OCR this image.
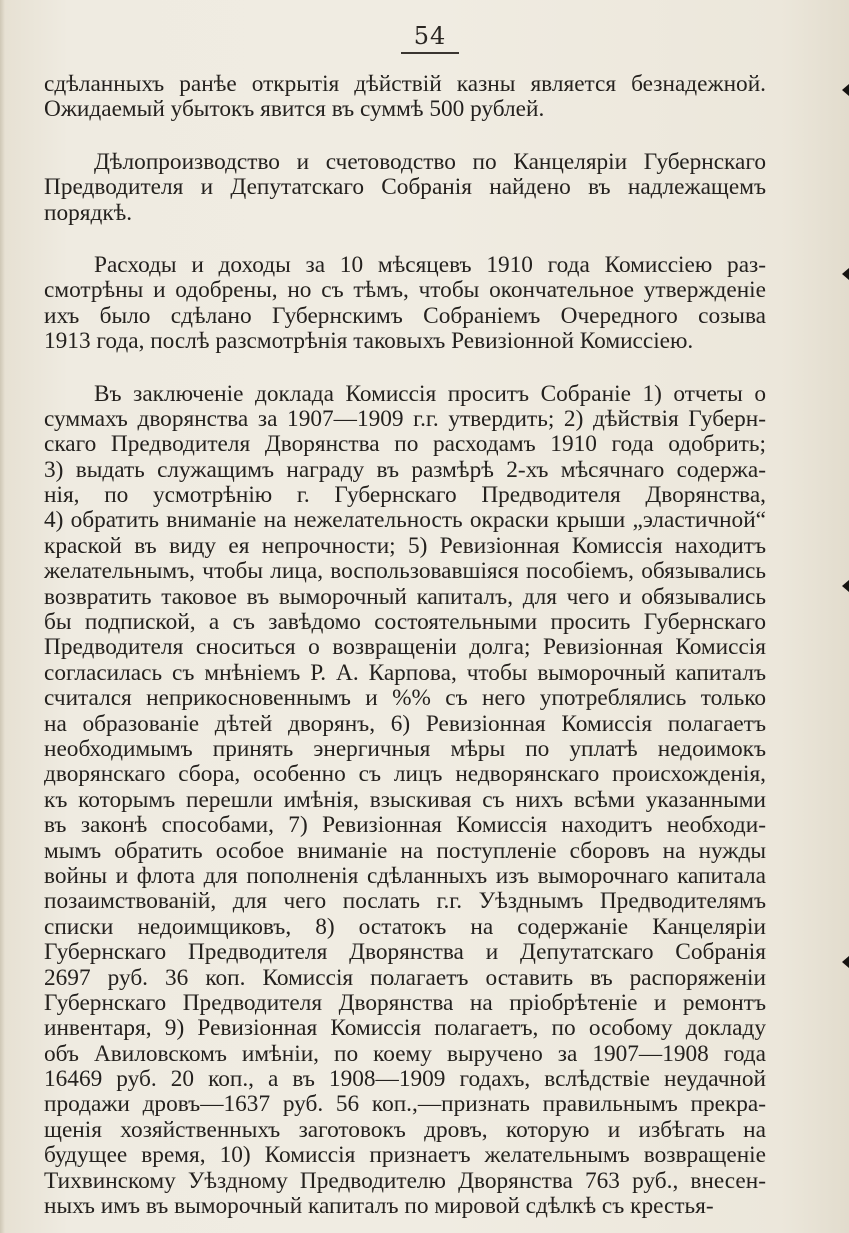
54
сдѣланныхъ ранѣе открытія дѣйствій казны является безнадежной.
Ожидаемый убытокъ явится въ суммѣ 500 рублей.
Дѣлопроизводство и счетоводство по Канцеляріи Губернскаго
Предводителя и Депутатскаго Собранія найдено въ надлежащемъ
порядкѣ.
Расходы и доходы за 10 мѣсяцевъ 1910 года Комиссіею раз-
смотрѣны и одобрены, но съ тѣмъ, чтобы окончательное утвержденіе
ихъ было сдѣлано Губернскимъ Собраніемъ Очередного созыва
1913 года, послѣ разсмотрѣнія таковыхъ Ревизіонной Комиссіею.
Въ заключеніе доклада Комиссія проситъ Собраніе 1) отчеты о
суммахъ дворянства за 1907—1909 г.г. утвердить; 2) дѣйствія Губерн-
скаго Предводителя Дворянства по расходамъ 1910 года одобрить;
3) выдать служащимъ награду въ размѣрѣ 2-хъ мѣсячнаго содержа-
нія, по усмотрѣнію г. Губернскаго Предводителя Дворянства,
4) обратить вниманіе на нежелательность окраски крыши „эластичной“
краской въ виду ея непрочности; 5) Ревизіонная Комиссія находитъ
желательнымъ, чтобы лица, воспользовавшіяся пособіемъ, обязывались
возвратить таковое въ выморочный капиталъ, для чего и обязывались
бы подпиской, а съ завѣдомо состоятельными просить Губернскаго
Предводителя сноситься о возвращеніи долга; Ревизіонная Комиссія
согласилась съ мнѣніемъ Р. А. Карпова, чтобы выморочный капиталъ
считался неприкосновеннымъ и %% съ него употреблялись только
на образованіе дѣтей дворянъ, 6) Ревизіонная Комиссія полагаетъ
необходимымъ принять энергичныя мѣры по уплатѣ недоимокъ
дворянскаго сбора, особенно съ лицъ недворянскаго происхожденія,
къ которымъ перешли имѣнія, взыскивая съ нихъ всѣми указанными
въ законѣ способами, 7) Ревизіонная Комиссія находитъ необходи-
мымъ обратить особое вниманіе на поступленіе сборовъ на нужды
войны и флота для пополненія сдѣланныхъ изъ выморочнаго капитала
позаимствованій, для чего послать г.г. Уѣзднымъ Предводителямъ
списки недоимщиковъ, 8) остатокъ на содержаніе Канцеляріи
Губернскаго Предводителя Дворянства и Депутатскаго Собранія
2697 руб. 36 коп. Комиссія полагаетъ оставить въ распоряженіи
Губернскаго Предводителя Дворянства на пріобрѣтеніе и ремонтъ
инвентаря, 9) Ревизіонная Комиссія полагаетъ, по особому докладу
объ Авиловскомъ имѣніи, по коему выручено за 1907—1908 года
16469 руб. 20 коп., а въ 1908—1909 годахъ, вслѣдствіе неудачной
продажи дровъ—1637 руб. 56 коп.,—признать правильнымъ прекра-
щенія хозяйственныхъ заготовокъ дровъ, которую и избѣгать на
будущее время, 10) Комиссія признаетъ желательнымъ возвращеніе
Тихвинскому Уѣздному Предводителю Дворянства 763 руб., внесен-
ныхъ имъ въ выморочный капиталъ по мировой сдѣлкѣ съ крестья-
